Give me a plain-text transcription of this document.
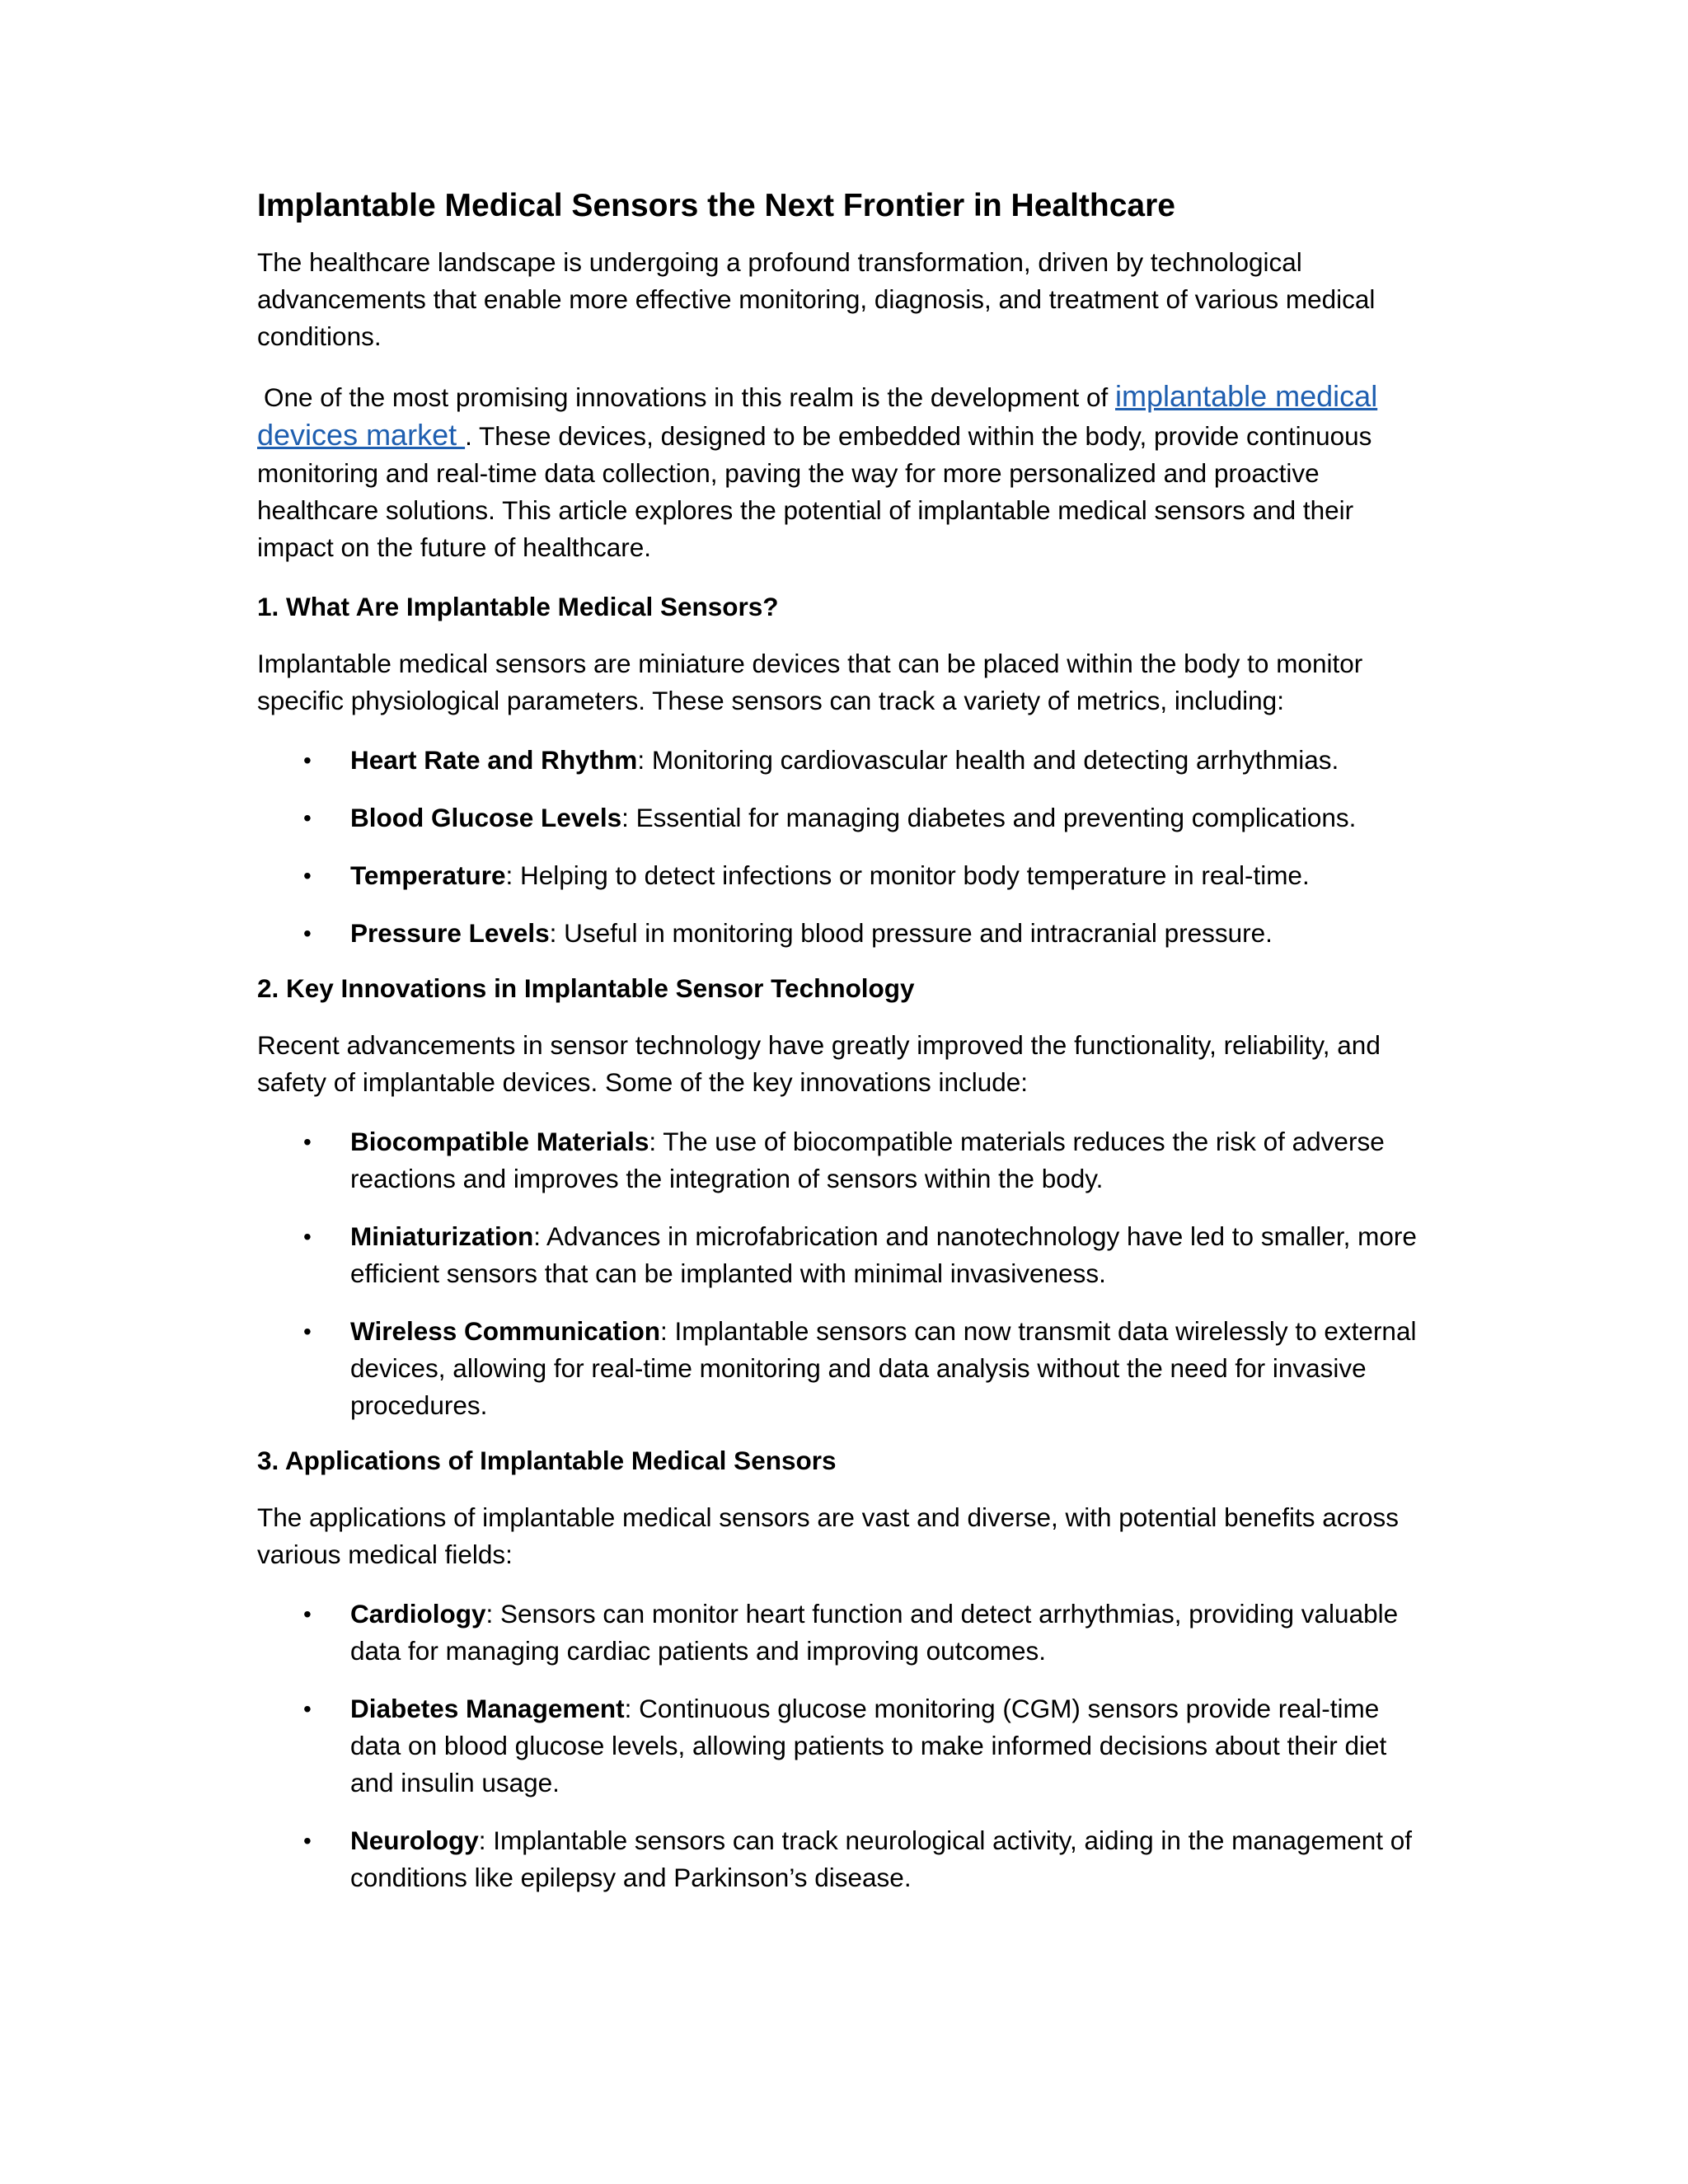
Implantable Medical Sensors the Next Frontier in Healthcare

The healthcare landscape is undergoing a profound transformation, driven by technological advancements that enable more effective monitoring, diagnosis, and treatment of various medical conditions.

One of the most promising innovations in this realm is the development of implantable medical devices market . These devices, designed to be embedded within the body, provide continuous monitoring and real-time data collection, paving the way for more personalized and proactive healthcare solutions. This article explores the potential of implantable medical sensors and their impact on the future of healthcare.

1. What Are Implantable Medical Sensors?

Implantable medical sensors are miniature devices that can be placed within the body to monitor specific physiological parameters. These sensors can track a variety of metrics, including:

• Heart Rate and Rhythm: Monitoring cardiovascular health and detecting arrhythmias.
• Blood Glucose Levels: Essential for managing diabetes and preventing complications.
• Temperature: Helping to detect infections or monitor body temperature in real-time.
• Pressure Levels: Useful in monitoring blood pressure and intracranial pressure.
2. Key Innovations in Implantable Sensor Technology

Recent advancements in sensor technology have greatly improved the functionality, reliability, and safety of implantable devices. Some of the key innovations include:

• Biocompatible Materials: The use of biocompatible materials reduces the risk of adverse reactions and improves the integration of sensors within the body.
• Miniaturization: Advances in microfabrication and nanotechnology have led to smaller, more efficient sensors that can be implanted with minimal invasiveness.
• Wireless Communication: Implantable sensors can now transmit data wirelessly to external devices, allowing for real-time monitoring and data analysis without the need for invasive procedures.
3. Applications of Implantable Medical Sensors

The applications of implantable medical sensors are vast and diverse, with potential benefits across various medical fields:

• Cardiology: Sensors can monitor heart function and detect arrhythmias, providing valuable data for managing cardiac patients and improving outcomes.
• Diabetes Management: Continuous glucose monitoring (CGM) sensors provide real-time data on blood glucose levels, allowing patients to make informed decisions about their diet and insulin usage.
• Neurology: Implantable sensors can track neurological activity, aiding in the management of conditions like epilepsy and Parkinson’s disease.
